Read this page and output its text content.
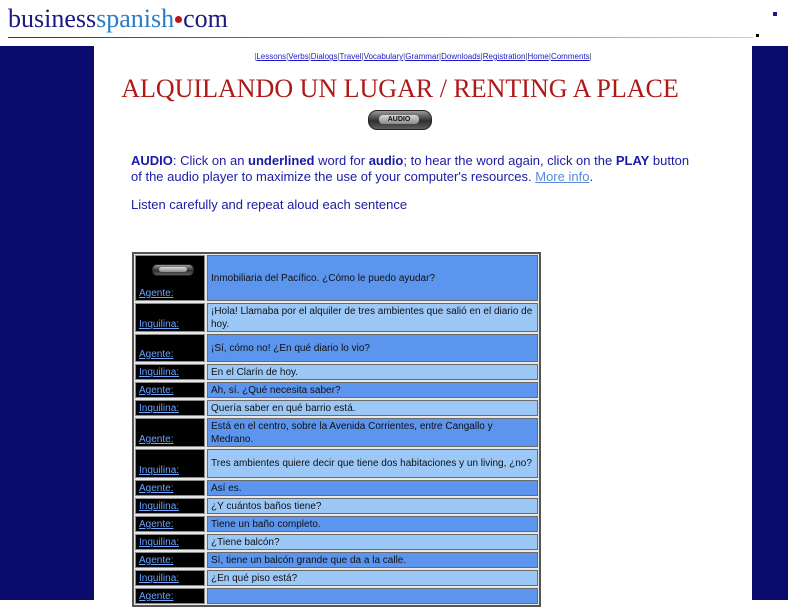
businessspanish com
|Lessons|Verbs|Dialogs|Travel|Vocabulary|Grammar|Downloads|Registration|Home|Comments|
ALQUILANDO UN LUGAR / RENTING A PLACE
AUDIO
AUDIO: Click on an underlined word for audio; to hear the word again, click on the PLAY button of the audio player to maximize the use of your computer's resources. More info.
Listen carefully and repeat aloud each sentence
Agente:
Inmobiliaria del Pacífico. ¿Cómo le puedo ayudar?
Inquilina:
¡Hola! Llamaba por el alquiler de tres ambientes que salió en el diario de hoy.
Agente:
¡Sí, cómo no! ¿En qué diario lo vio?
Inquilina:	En el Clarín de hoy.
Agente:	Ah, sí. ¿Qué necesita saber?
Inquilina:	Quería saber en qué barrio está.
Agente:
Está en el centro, sobre la Avenida Corrientes, entre Cangallo y Medrano.
Inquilina:
Tres ambientes quiere decir que tiene dos habitaciones y un living, ¿no?
Agente:	Así es.
Inquilina:	¿Y cuántos baños tiene?
Agente:	Tiene un baño completo.
Inquilina:	¿Tiene balcón?
Agente:	Sí, tiene un balcón grande que da a la calle.
Inquilina:	¿En qué piso está?
Agente:
